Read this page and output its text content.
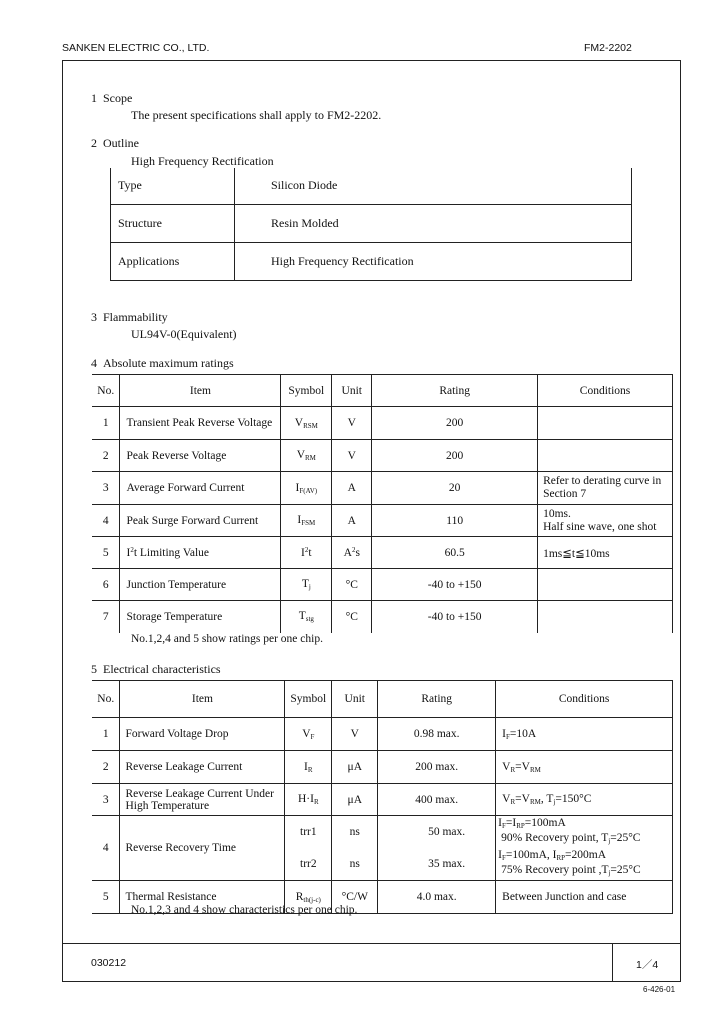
SANKEN ELECTRIC CO., LTD.	FM2-2202
1 Scope
The present specifications shall apply to FM2-2202.
2 Outline
High Frequency Rectification
Type	Silicon Diode
Structure	Resin Molded
Applications	High Frequency Rectification
3 Flammability
UL94V-0(Equivalent)
4 Absolute maximum ratings
No.	Item	Symbol	Unit	Rating	Conditions
1	Transient Peak Reverse Voltage	$V_{RSM}$	V	200	
2	Peak Reverse Voltage	$V_{RM}$	V	200	
3	Average Forward Current	$I_{F(AV)}$	A	20	Refer to derating curve in Section 7
4	Peak Surge Forward Current	$I_{FSM}$	A	110	10ms.
Half sine wave, one shot

5	$I^2t$ Limiting Value	$I^2t$	$A^2s$	60.5	1ms≦t≦10ms
6	Junction Temperature	$T_j$	°C	-40 to +150	
7	Storage Temperature	$T_{stg}$	°C	-40 to +150	
No.1,2,4 and 5 show ratings per one chip.
5 Electrical characteristics
No.	Item	Symbol	Unit	Rating	Conditions
1	Forward Voltage Drop	$V_F$	V	0.98 max.	$I_F=10A$
2	Reverse Leakage Current	$I_R$	μA	200 max.	$V_R=V_{RM}$
3	Reverse Leakage Current Under High Temperature	$H\cdot I_R$	μA	400 max.	$V_R=V_{RM}$, $T_j=150^\circ C$
4	Reverse Recovery Time	trr1	ns	50 max.	$I_F=I_{RP}=100mA$
90% Recovery point, $T_j=25^\circ C$

		trr2	ns	35 max.	$I_F=100mA$, $I_{RP}=200mA$
75% Recovery point $,T_j=25^\circ C$

5	Thermal Resistance	$R_{th(j-c)}$	°C/W	4.0 max.	Between Junction and case
No.1,2,3 and 4 show characteristics per one chip.
030212	1／4
6-426-01
